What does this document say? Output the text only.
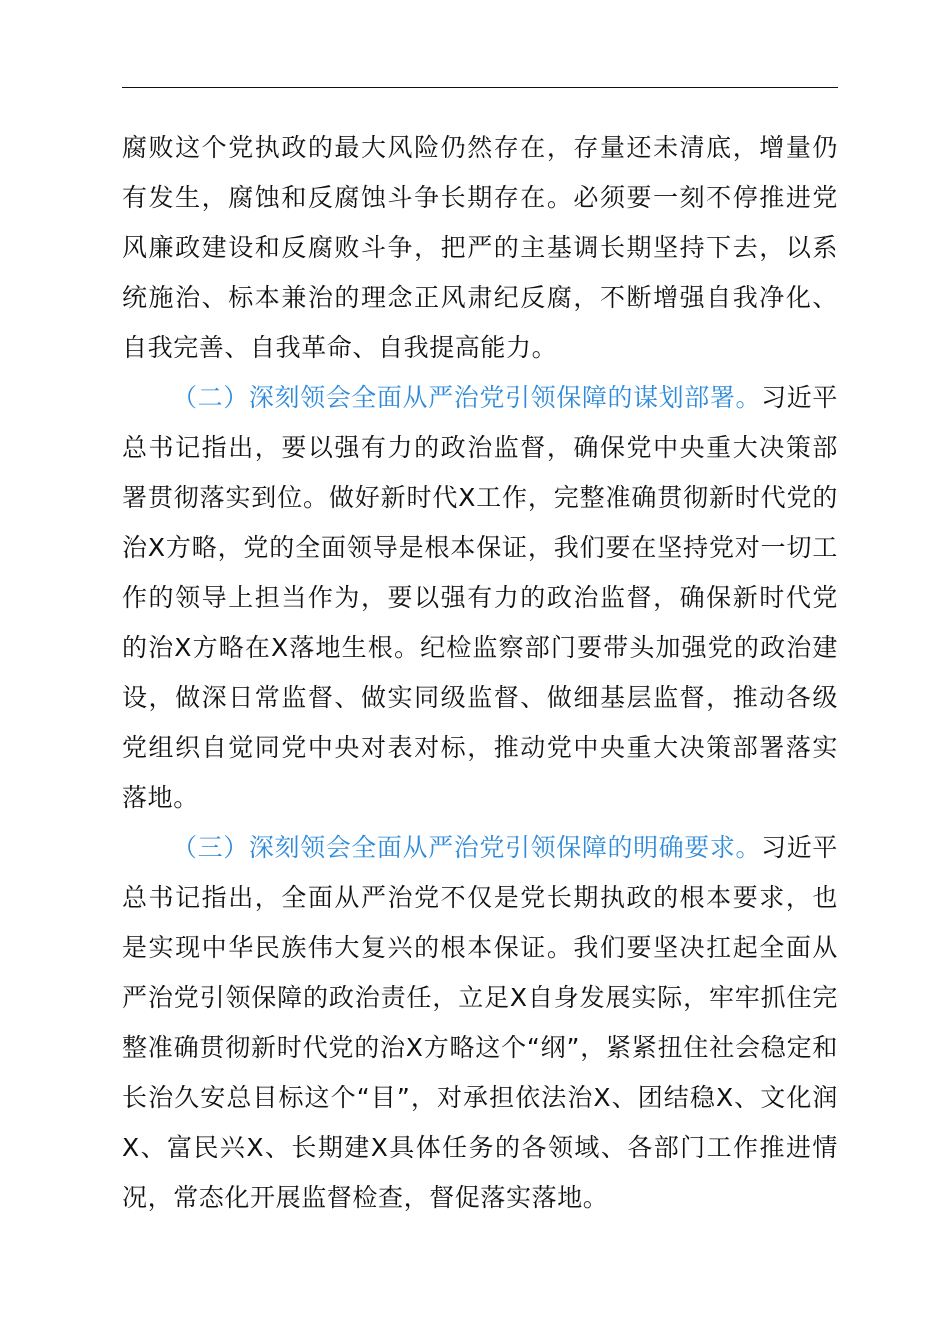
腐败这个党执政的最大风险仍然存在，存量还未清底，增量仍有发生，腐蚀和反腐蚀斗争长期存在。必须要一刻不停推进党风廉政建设和反腐败斗争，把严的主基调长期坚持下去，以系统施治、标本兼治的理念正风肃纪反腐，不断增强自我净化、自我完善、自我革命、自我提高能力。

（二）深刻领会全面从严治党引领保障的谋划部署。习近平总书记指出，要以强有力的政治监督，确保党中央重大决策部署贯彻落实到位。做好新时代X工作，完整准确贯彻新时代党的治X方略，党的全面领导是根本保证，我们要在坚持党对一切工作的领导上担当作为，要以强有力的政治监督，确保新时代党的治X方略在X落地生根。纪检监察部门要带头加强党的政治建设，做深日常监督、做实同级监督、做细基层监督，推动各级党组织自觉同党中央对表对标，推动党中央重大决策部署落实落地。

（三）深刻领会全面从严治党引领保障的明确要求。习近平总书记指出，全面从严治党不仅是党长期执政的根本要求，也是实现中华民族伟大复兴的根本保证。我们要坚决扛起全面从严治党引领保障的政治责任，立足X自身发展实际，牢牢抓住完整准确贯彻新时代党的治X方略这个“纲”，紧紧扭住社会稳定和长治久安总目标这个“目”，对承担依法治X、团结稳X、文化润X、富民兴X、长期建X具体任务的各领域、各部门工作推进情况，常态化开展监督检查，督促落实落地。
